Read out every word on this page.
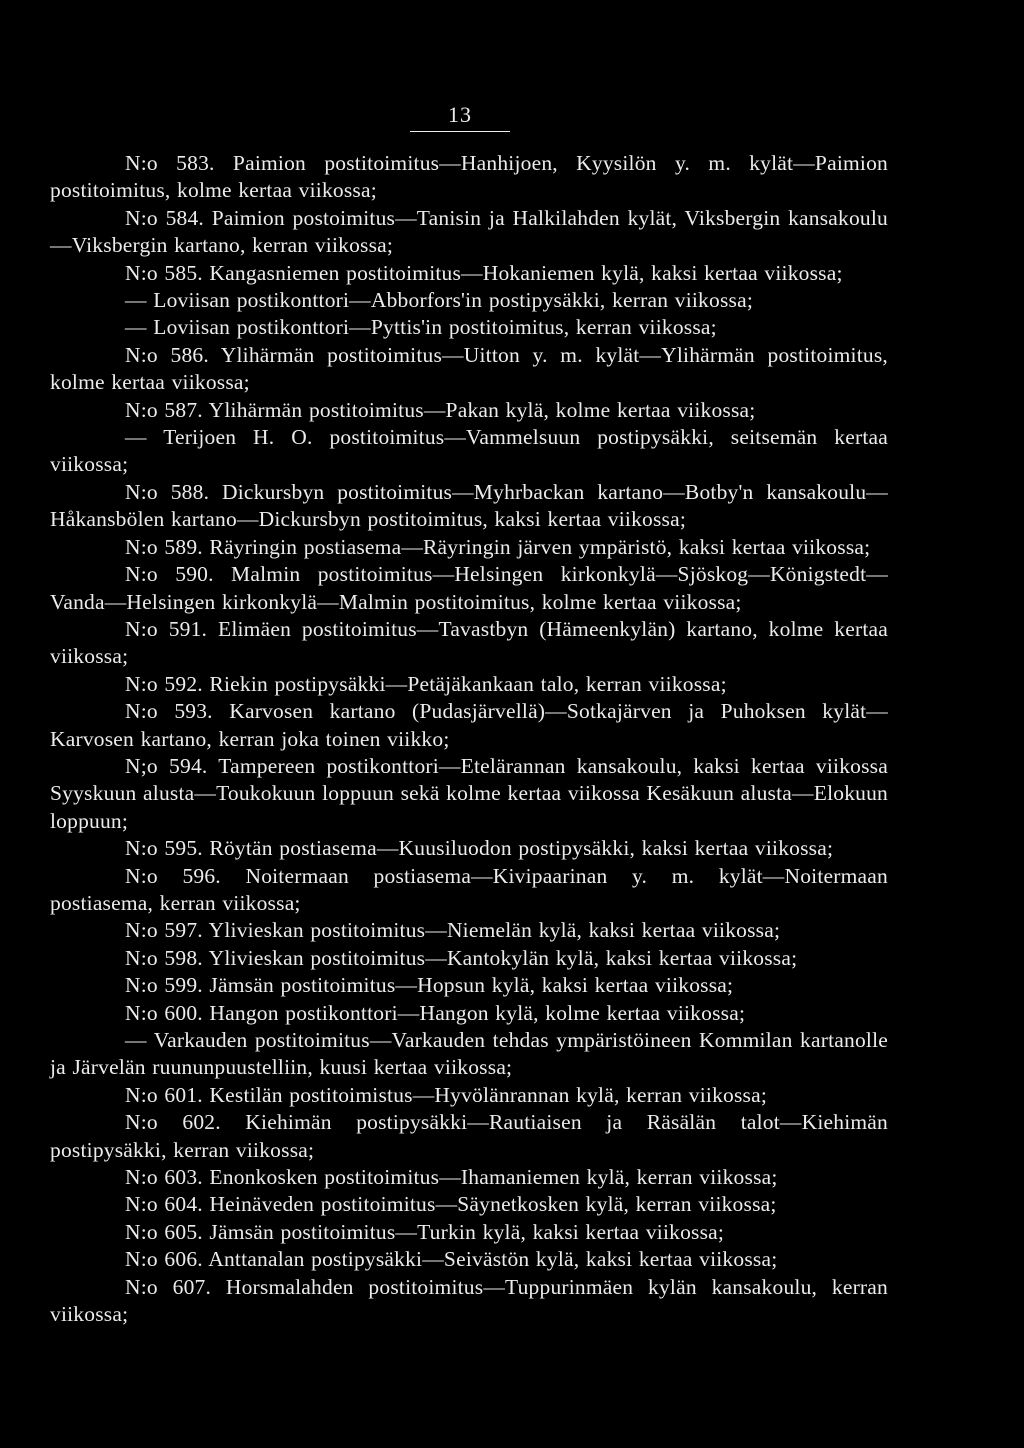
13

N:o 583. Paimion postitoimitus—Hanhijoen, Kyysilön y. m. kylät—Paimion postitoimitus, kolme kertaa viikossa;

N:o 584. Paimion postoimitus—Tanisin ja Halkilahden kylät, Viksbergin kansakoulu—Viksbergin kartano, kerran viikossa;

N:o 585. Kangasniemen postitoimitus—Hokaniemen kylä, kaksi kertaa viikossa;

— Loviisan postikonttori—Abborfors'in postipysäkki, kerran viikossa;

— Loviisan postikonttori—Pyttis'in postitoimitus, kerran viikossa;

N:o 586. Ylihärmän postitoimitus—Uitton y. m. kylät—Ylihärmän postitoimitus, kolme kertaa viikossa;

N:o 587. Ylihärmän postitoimitus—Pakan kylä, kolme kertaa viikossa;

— Terijoen H. O. postitoimitus—Vammelsuun postipysäkki, seitsemän kertaa viikossa;

N:o 588. Dickursbyn postitoimitus—Myhrbackan kartano—Botby'n kansakoulu—Håkansbölen kartano—Dickursbyn postitoimitus, kaksi kertaa viikossa;

N:o 589. Räyringin postiasema—Räyringin järven ympäristö, kaksi kertaa viikossa;

N:o 590. Malmin postitoimitus—Helsingen kirkonkylä—Sjöskog—Königstedt—Vanda—Helsingen kirkonkylä—Malmin postitoimitus, kolme kertaa viikossa;

N:o 591. Elimäen postitoimitus—Tavastbyn (Hämeenkylän) kartano, kolme kertaa viikossa;

N:o 592. Riekin postipysäkki—Petäjäkankaan talo, kerran viikossa;

N:o 593. Karvosen kartano (Pudasjärvellä)—Sotkajärven ja Puhoksen kylät—Karvosen kartano, kerran joka toinen viikko;

N;o 594. Tampereen postikonttori—Etelärannan kansakoulu, kaksi kertaa viikossa Syyskuun alusta—Toukokuun loppuun sekä kolme kertaa viikossa Kesäkuun alusta—Elokuun loppuun;

N:o 595. Röytän postiasema—Kuusiluodon postipysäkki, kaksi kertaa viikossa;

N:o 596. Noitermaan postiasema—Kivipaarinan y. m. kylät—Noitermaan postiasema, kerran viikossa;

N:o 597. Ylivieskan postitoimitus—Niemelän kylä, kaksi kertaa viikossa;

N:o 598. Ylivieskan postitoimitus—Kantokylän kylä, kaksi kertaa viikossa;

N:o 599. Jämsän postitoimitus—Hopsun kylä, kaksi kertaa viikossa;

N:o 600. Hangon postikonttori—Hangon kylä, kolme kertaa viikossa;

— Varkauden postitoimitus—Varkauden tehdas ympäristöineen Kommilan kartanolle ja Järvelän ruununpuustelliin, kuusi kertaa viikossa;

N:o 601. Kestilän postitoimistus—Hyvölänrannan kylä, kerran viikossa;

N:o 602. Kiehimän postipysäkki—Rautiaisen ja Räsälän talot—Kiehimän postipysäkki, kerran viikossa;

N:o 603. Enonkosken postitoimitus—Ihamaniemen kylä, kerran viikossa;

N:o 604. Heinäveden postitoimitus—Säynetkosken kylä, kerran viikossa;

N:o 605. Jämsän postitoimitus—Turkin kylä, kaksi kertaa viikossa;

N:o 606. Anttanalan postipysäkki—Seivästön kylä, kaksi kertaa viikossa;

N:o 607. Horsmalahden postitoimitus—Tuppurinmäen kylän kansakoulu, kerran viikossa;
